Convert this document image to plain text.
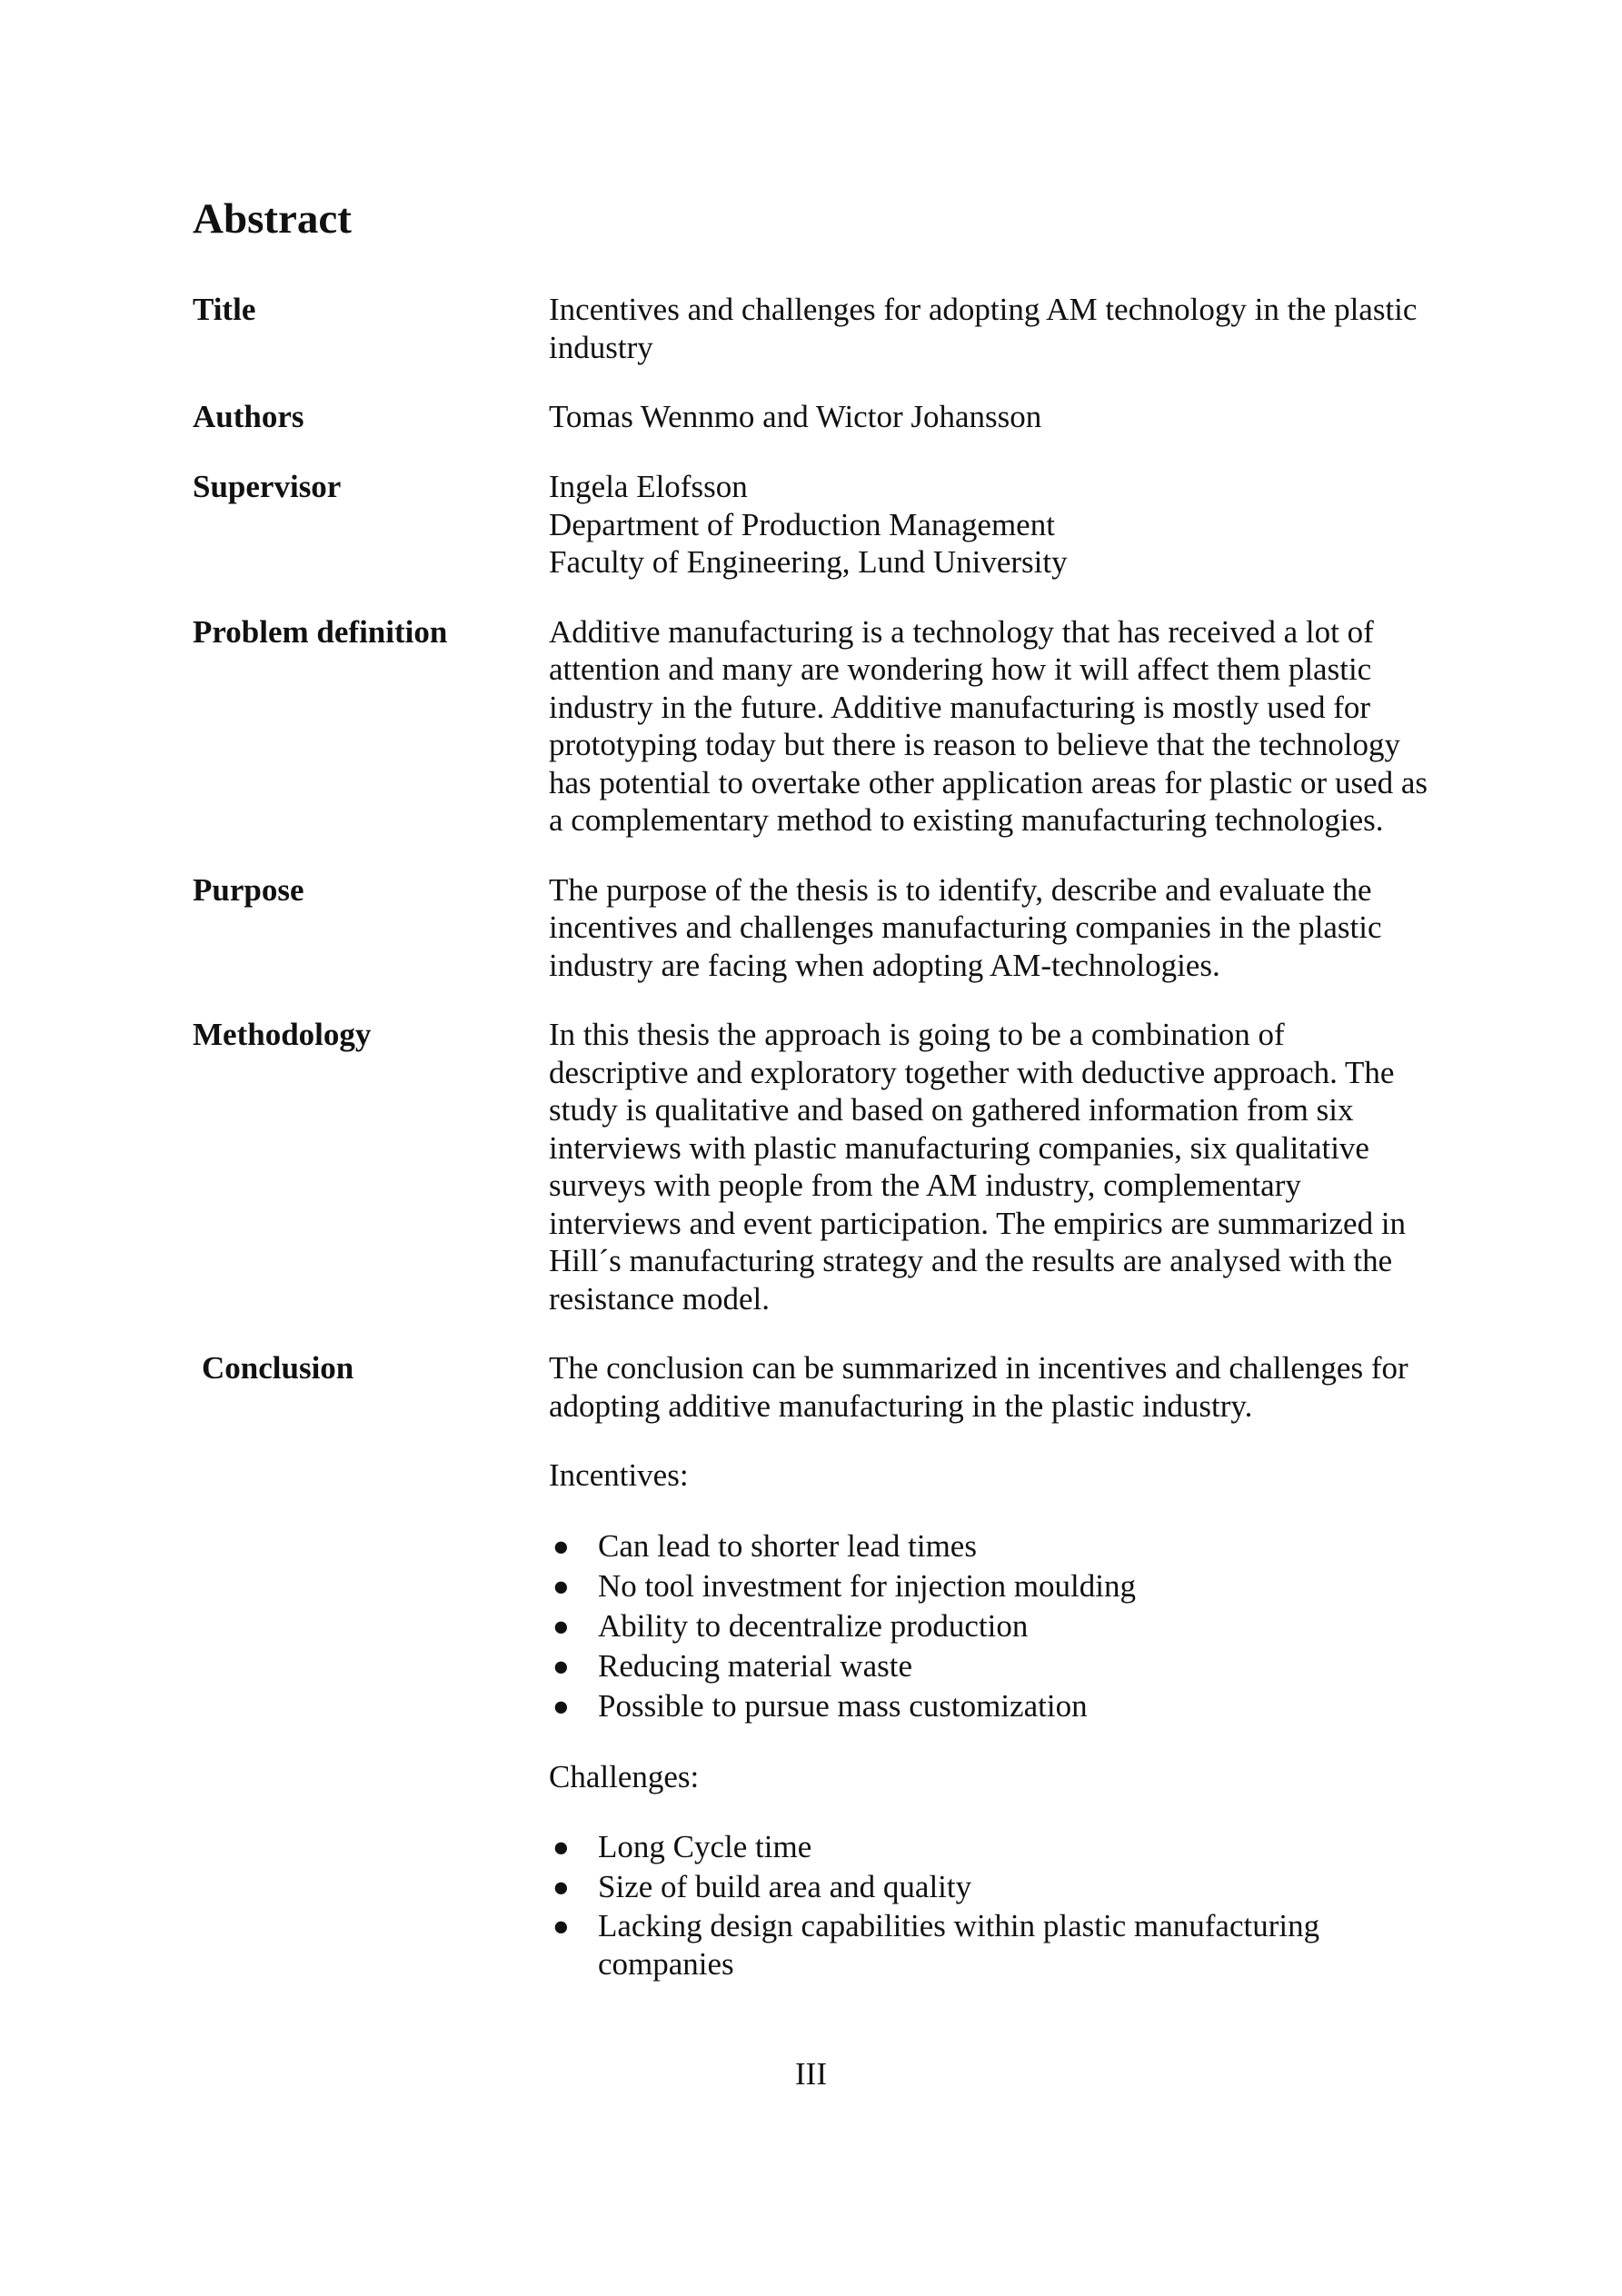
Abstract
Title	Incentives and challenges for adopting AM technology in the plastic industry
Authors	Tomas Wennmo and Wictor Johansson
Supervisor	Ingela Elofsson
Department of Production Management
Faculty of Engineering, Lund University
Problem definition	Additive manufacturing is a technology that has received a lot of attention and many are wondering how it will affect them plastic industry in the future. Additive manufacturing is mostly used for prototyping today but there is reason to believe that the technology has potential to overtake other application areas for plastic or used as a complementary method to existing manufacturing technologies.
Purpose	The purpose of the thesis is to identify, describe and evaluate the incentives and challenges manufacturing companies in the plastic industry are facing when adopting AM-technologies.
Methodology	In this thesis the approach is going to be a combination of descriptive and exploratory together with deductive approach. The study is qualitative and based on gathered information from six interviews with plastic manufacturing companies, six qualitative surveys with people from the AM industry, complementary interviews and event participation. The empirics are summarized in Hill´s manufacturing strategy and the results are analysed with the resistance model.
Conclusion	The conclusion can be summarized in incentives and challenges for adopting additive manufacturing in the plastic industry.

Incentives:

● Can lead to shorter lead times
● No tool investment for injection moulding
● Ability to decentralize production
● Reducing material waste
● Possible to pursue mass customization

Challenges:

● Long Cycle time
● Size of build area and quality
● Lacking design capabilities within plastic manufacturing companies
III
